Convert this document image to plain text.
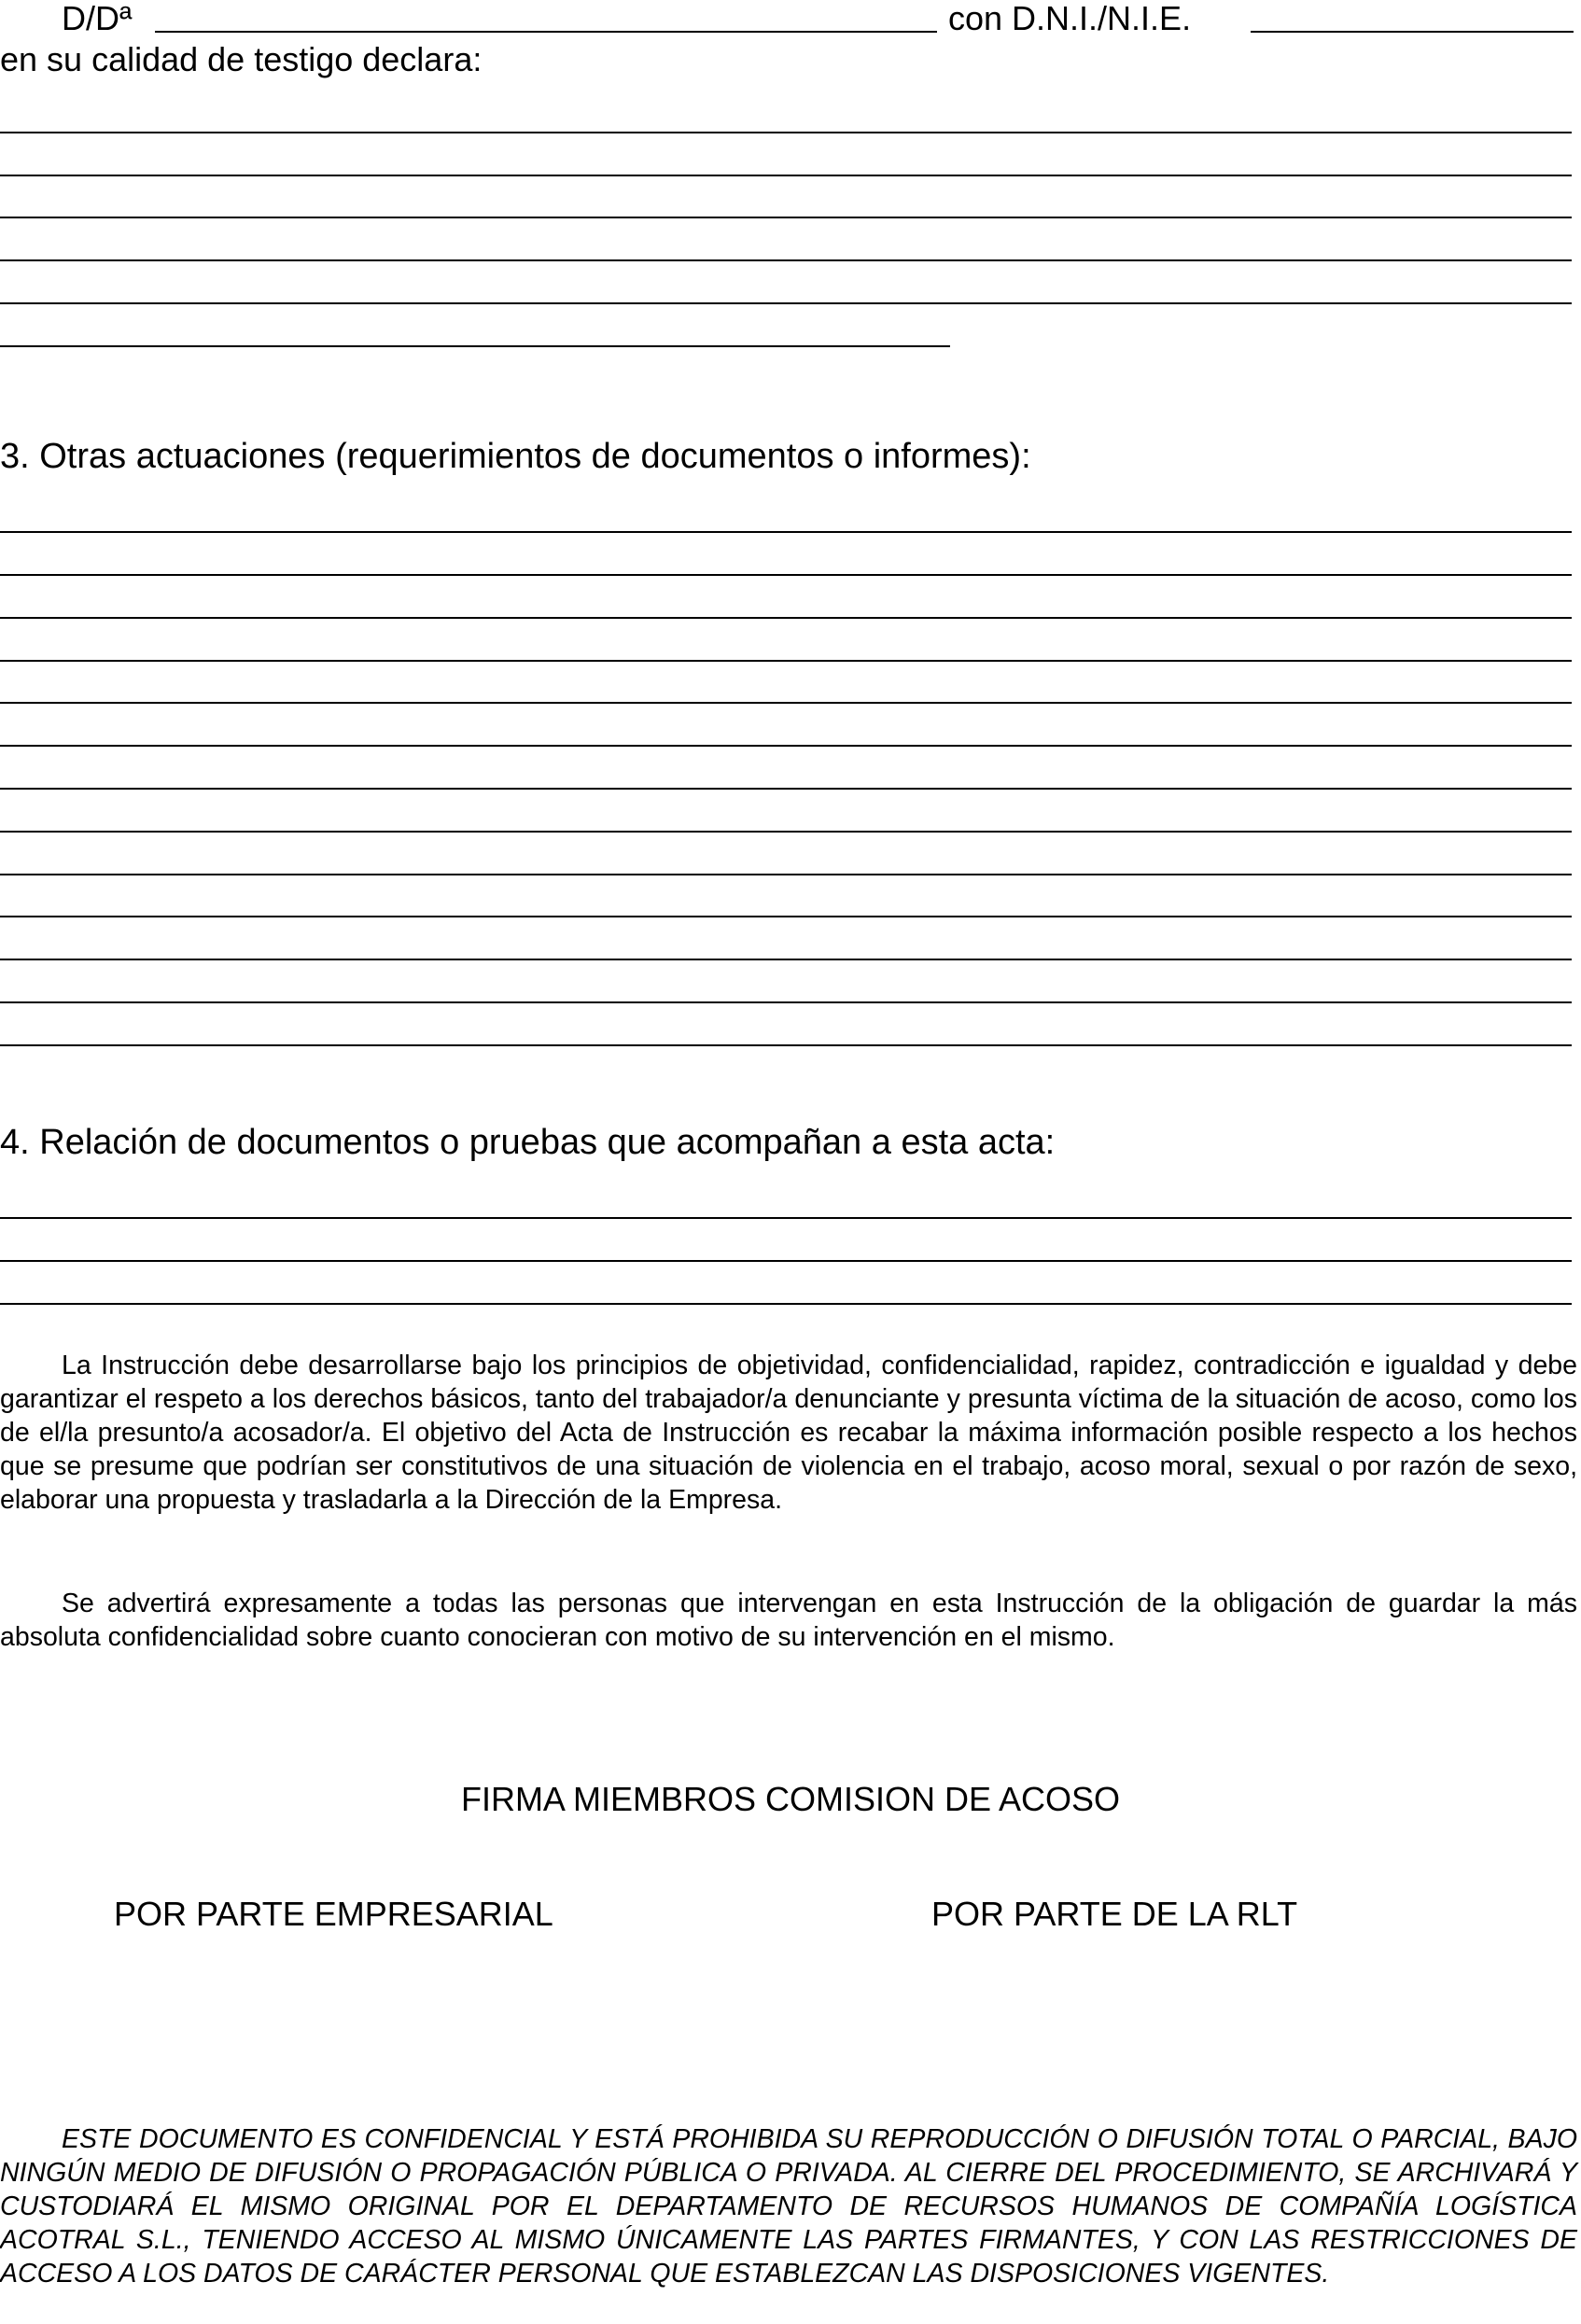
D/Dª	con D.N.I./N.I.E.
en su calidad de testigo declara:
3. Otras actuaciones (requerimientos de documentos o informes):
4. Relación de documentos o pruebas que acompañan a esta acta:
La Instrucción debe desarrollarse bajo los principios de objetividad, confidencialidad, rapidez, contradicción e igualdad y debe garantizar el respeto a los derechos básicos, tanto del trabajador/a denunciante y presunta víctima de la situación de acoso, como los de el/la presunto/a acosador/a. El objetivo del Acta de Instrucción es recabar la máxima información posible respecto a los hechos que se presume que podrían ser constitutivos de una situación de violencia en el trabajo, acoso moral, sexual o por razón de sexo, elaborar una propuesta y trasladarla a la Dirección de la Empresa.
Se advertirá expresamente a todas las personas que intervengan en esta Instrucción de la obligación de guardar la más absoluta confidencialidad sobre cuanto conocieran con motivo de su intervención en el mismo.
FIRMA MIEMBROS COMISION DE ACOSO
POR PARTE EMPRESARIAL	POR PARTE DE LA RLT
ESTE DOCUMENTO ES CONFIDENCIAL Y ESTÁ PROHIBIDA SU REPRODUCCIÓN O DIFUSIÓN TOTAL O PARCIAL, BAJO NINGÚN MEDIO DE DIFUSIÓN O PROPAGACIÓN PÚBLICA O PRIVADA. AL CIERRE DEL PROCEDIMIENTO, SE ARCHIVARÁ Y CUSTODIARÁ EL MISMO ORIGINAL POR EL DEPARTAMENTO DE RECURSOS HUMANOS DE COMPAÑÍA LOGÍSTICA ACOTRAL S.L., TENIENDO ACCESO AL MISMO ÚNICAMENTE LAS PARTES FIRMANTES, Y CON LAS RESTRICCIONES DE ACCESO A LOS DATOS DE CARÁCTER PERSONAL QUE ESTABLEZCAN LAS DISPOSICIONES VIGENTES.
